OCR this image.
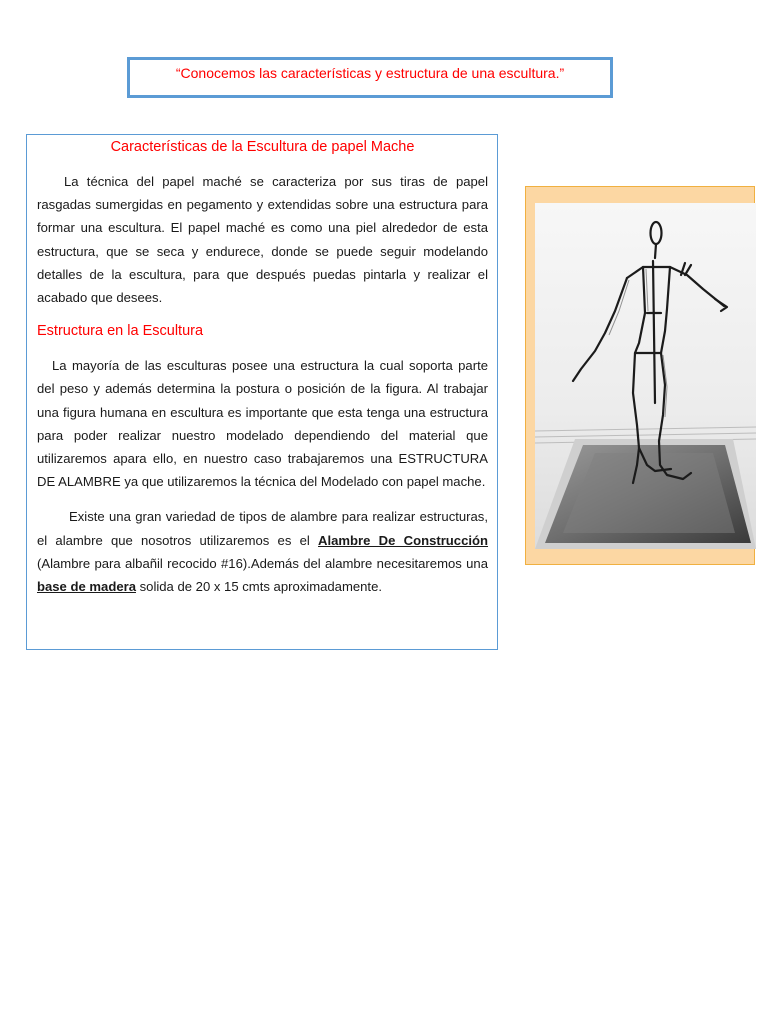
“Conocemos las características y estructura de una escultura.”

Características de la Escultura de papel Mache

La técnica del papel maché se caracteriza por sus tiras de papel rasgadas sumergidas en pegamento y extendidas sobre una estructura para formar una escultura. El papel maché es como una piel alrededor de esta estructura, que se seca y endurece, donde se puede seguir modelando detalles de la escultura, para que después puedas pintarla y realizar el acabado que desees.

Estructura en la Escultura

La mayoría de las esculturas posee una estructura la cual soporta parte del peso y además determina la postura o posición de la figura. Al trabajar una figura humana en escultura es importante que esta tenga una estructura para poder realizar nuestro modelado dependiendo del material que utilizaremos apara ello, en nuestro caso trabajaremos una ESTRUCTURA DE ALAMBRE ya que utilizaremos la técnica del Modelado con papel mache.

Existe una gran variedad de tipos de alambre para realizar estructuras, el alambre que nosotros utilizaremos es el Alambre De Construcción (Alambre para albañil recocido #16).Además del alambre necesitaremos una base de madera solida de 20 x 15 cmts aproximadamente.
